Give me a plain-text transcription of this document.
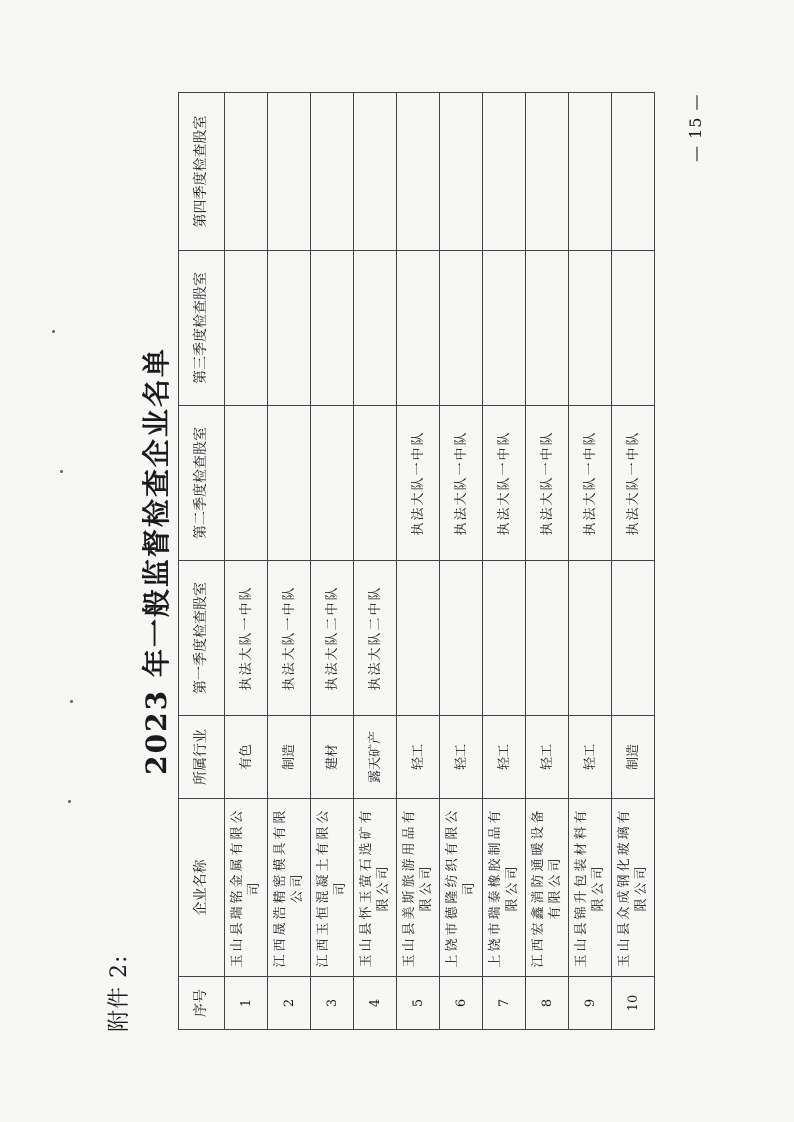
附件 2:
2023 年一般监督检查企业名单
序号	企业名称	所属行业	第一季度检查股室	第二季度检查股室	第三季度检查股室	第四季度检查股室
1	玉山县瑞铭金属有限公司	有色	执法大队一中队			
2	江西晟浩精密模具有限公司	制造	执法大队一中队			
3	江西玉恒混凝土有限公司	建材	执法大队二中队			
4	玉山县怀玉萤石选矿有限公司	露天矿产	执法大队二中队			
5	玉山县美斯旅游用品有限公司	轻工		执法大队一中队		
6	上饶市德隆纺织有限公司	轻工		执法大队一中队		
7	上饶市瑞泰橡胶制品有限公司	轻工		执法大队一中队		
8	江西宏鑫消防通暖设备有限公司	轻工		执法大队一中队		
9	玉山县锦升包装材料有限公司	轻工		执法大队一中队		
10	玉山县众成钢化玻璃有限公司	制造		执法大队一中队		
— 15 —
